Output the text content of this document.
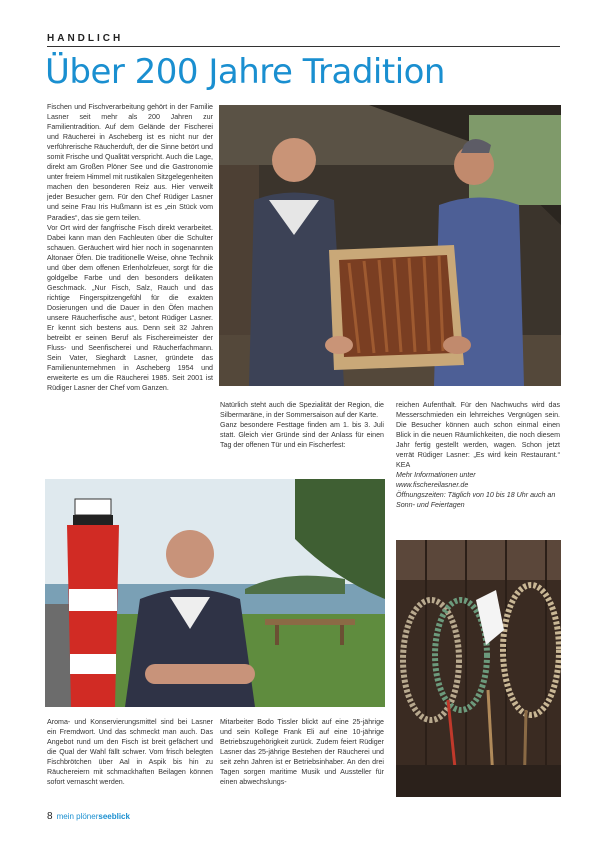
HANDLICH
Über 200 Jahre Tradition

Fischen und Fischverarbeitung gehört in der Familie Lasner seit mehr als 200 Jahren zur Familientradition. Auf dem Gelände der Fischerei und Räucherei in Ascheberg ist es nicht nur der verführerische Räucherduft, der die Sinne betört und somit Frische und Qualität verspricht. Auch die Lage, direkt am Großen Plöner See und die Gastronomie unter freiem Himmel mit rustikalen Sitzgelegenheiten machen den besonderen Reiz aus. Hier verweilt jeder Besucher gern. Für den Chef Rüdiger Lasner und seine Frau Iris Hußmann ist es „ein Stück vom Paradies“, das sie gern teilen.

Vor Ort wird der fangfrische Fisch direkt verarbeitet. Dabei kann man den Fachleuten über die Schulter schauen. Geräuchert wird hier noch in sogenannten Altonaer Öfen. Die traditionelle Weise, ohne Technik und über dem offenen Erlenholzfeuer, sorgt für die goldgelbe Farbe und den besonders delikaten Geschmack. „Nur Fisch, Salz, Rauch und das richtige Fingerspitzengefühl für die exakten Dosierungen und die Dauer in den Öfen machen unsere Räucherfische aus“, betont Rüdiger Lasner. Er kennt sich bestens aus. Denn seit 32 Jahren betreibt er seinen Beruf als Fischereimeister der Fluss- und Seenfischerei und Räucherfachmann. Sein Vater, Sieghardt Lasner, gründete das Familienunternehmen in Ascheberg 1954 und erweiterte es um die Räucherei 1985. Seit 2001 ist Rüdiger Lasner der Chef vom Ganzen.

Natürlich steht auch die Spezialität der Region, die Silbermaräne, in der Sommersaison auf der Karte.

Ganz besondere Festtage finden am 1. bis 3. Juli statt. Gleich vier Gründe sind der Anlass für einen Tag der offenen Tür und ein Fischerfest:

reichen Aufenthalt. Für den Nachwuchs wird das Messerschmieden ein lehrreiches Vergnügen sein. Die Besucher können auch schon einmal einen Blick in die neuen Räumlichkeiten, die noch diesem Jahr fertig gestellt werden, wagen. Schon jetzt verrät Rüdiger Lasner: „Es wird kein Restaurant.“ KEA

Mehr Informationen unter

www.fischereilasner.de

Öffnungszeiten: Täglich von 10 bis 18 Uhr auch an Sonn- und Feiertagen

Aroma- und Konservierungsmittel sind bei Lasner ein Fremdwort. Und das schmeckt man auch. Das Angebot rund um den Fisch ist breit gefächert und die Qual der Wahl fällt schwer. Vom frisch belegten Fischbrötchen über Aal in Aspik bis hin zu Räuchereiern mit schmackhaften Beilagen können sofort vernascht werden.

Mitarbeiter Bodo Tissler blickt auf eine 25-jährige und sein Kollege Frank Eli auf eine 10-jährige Betriebszugehörigkeit zurück. Zudem feiert Rüdiger Lasner das 25-jährige Bestehen der Räucherei und seit zehn Jahren ist er Betriebsinhaber. An den drei Tagen sorgen maritime Musik und Aussteller für einen abwechslungs-

8 mein plönerseeblick
